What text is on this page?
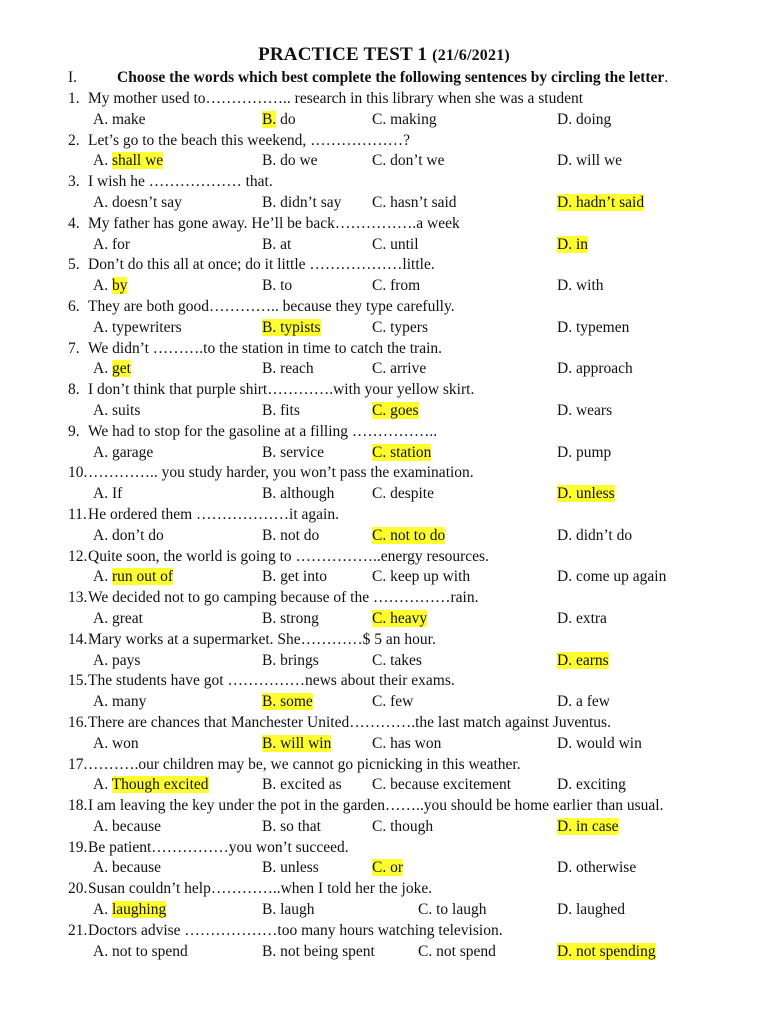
PRACTICE TEST 1 (21/6/2021)
I.	Choose the words which best complete the following sentences by circling the letter.
1. My mother used to…………….. research in this library when she was a student
A. make	B. do	C. making	D. doing
2. Let’s go to the beach this weekend, ………………?
A. shall we	B. do we	C. don’t we	D. will we
3. I wish he ……………… that.
A. doesn’t say	B. didn’t say C. hasn’t said	D. hadn’t said
4. My father has gone away. He’ll be back…………….a week
A. for	B. at	C. until	D. in
5. Don’t do this all at once; do it little ………………little.
A. by	B. to	C. from	D. with
6. They are both good………….. because they type carefully.
A. typewriters	B. typists	C. typers	D. typemen
7. We didn’t ……….to the station in time to catch the train.
A. get	B. reach	C. arrive	D. approach
8. I don’t think that purple shirt………….with your yellow skirt.
A. suits	B. fits	C. goes	D. wears
9. We had to stop for the gasoline at a filling ……………..
A. garage	B. service	C. station	D. pump
10. ………….. you study harder, you won’t pass the examination.
A. If	B. although C. despite	D. unless
11. He ordered them ………………it again.
A. don’t do	B. not do	C. not to do	D. didn’t do
12. Quite soon, the world is going to ……………..energy resources.
A. run out of	B. get into	C. keep up with	D. come up again
13. We decided not to go camping because of the ……………rain.
A. great	B. strong	C. heavy	D. extra
14. Mary works at a supermarket. She…………$ 5 an hour.
A. pays	B. brings	C. takes	D. earns
15. The students have got ……………news about their exams.
A. many	B. some	C. few	D. a few
16. There are chances that Manchester United………….the last match against Juventus.
A. won	B. will win	C. has won	D. would win
17. ……….our children may be, we cannot go picnicking in this weather.
A. Though excited	B. excited as C. because excitement	D. exciting
18. I am leaving the key under the pot in the garden……..you should be home earlier than usual.
A. because	B. so that	C. though	D. in case
19. Be patient……………you won’t succeed.
A. because	B. unless	C. or	D. otherwise
20. Susan couldn’t help…………..when I told her the joke.
A. laughing	B. laugh	C. to laugh	D. laughed
21. Doctors advise ………………too many hours watching television.
A. not to spend	B. not being spent	C. not spend	D. not spending
